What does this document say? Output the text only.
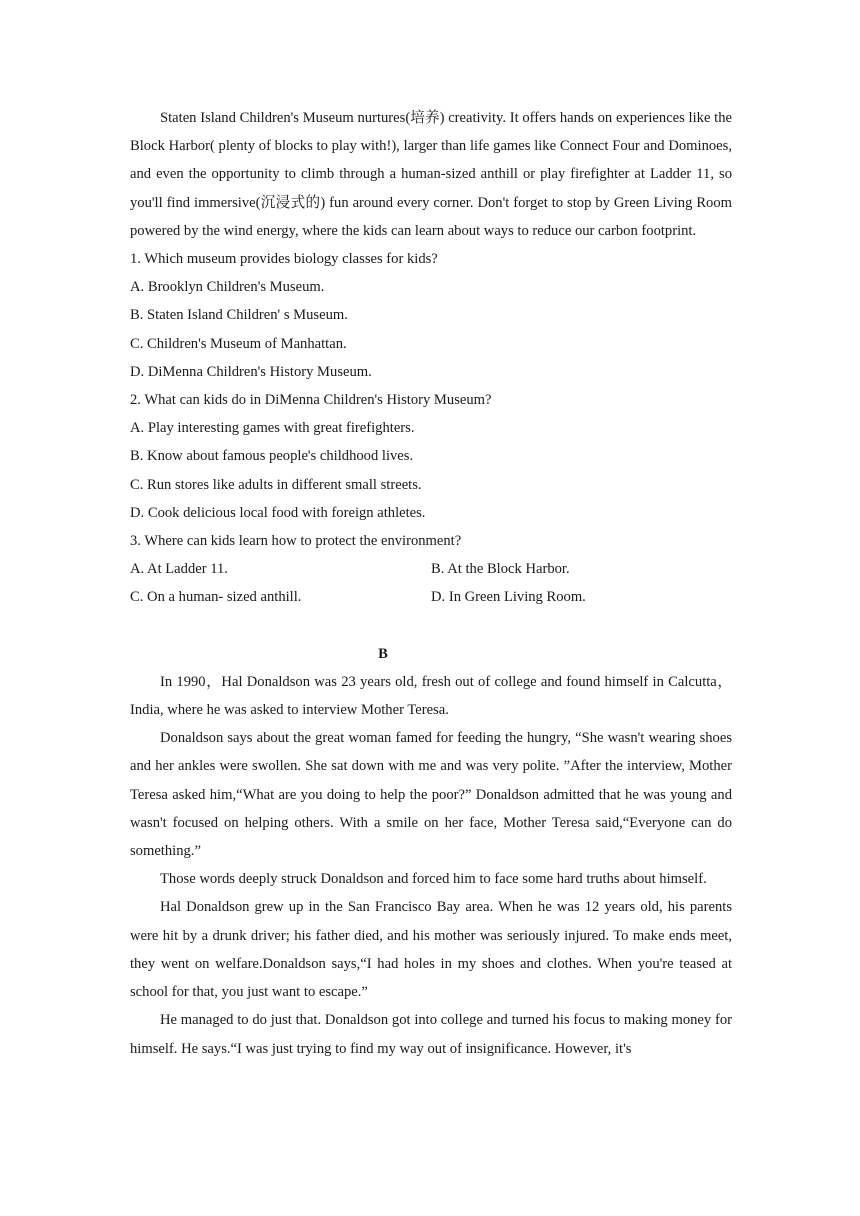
Staten Island Children's Museum nurtures(培养) creativity. It offers hands on experiences like the Block Harbor( plenty of blocks to play with!), larger than life games like Connect Four and Dominoes, and even the opportunity to climb through a human-sized anthill or play firefighter at Ladder 11, so you'll find immersive(沉浸式的) fun around every corner. Don't forget to stop by Green Living Room powered by the wind energy, where the kids can learn about ways to reduce our carbon footprint.

1. Which museum provides biology classes for kids?

A. Brooklyn Children's Museum.

B. Staten Island Children' s Museum.

C. Children's Museum of Manhattan.

D. DiMenna Children's History Museum.

2. What can kids do in DiMenna Children's History Museum?

A. Play interesting games with great firefighters.

B. Know about famous people's childhood lives.

C. Run stores like adults in different small streets.

D. Cook delicious local food with foreign athletes.

3. Where can kids learn how to protect the environment?

A. At Ladder 11.	B. At the Block Harbor.
C. On a human- sized anthill.	D. In Green Living Room.

B

In 1990，Hal Donaldson was 23 years old, fresh out of college and found himself in Calcutta，India, where he was asked to interview Mother Teresa.

Donaldson says about the great woman famed for feeding the hungry, “She wasn't wearing shoes and her ankles were swollen. She sat down with me and was very polite. ”After the interview, Mother Teresa asked him,“What are you doing to help the poor?” Donaldson admitted that he was young and wasn't focused on helping others. With a smile on her face, Mother Teresa said,“Everyone can do something.”

Those words deeply struck Donaldson and forced him to face some hard truths about himself.

Hal Donaldson grew up in the San Francisco Bay area. When he was 12 years old, his parents were hit by a drunk driver; his father died, and his mother was seriously injured. To make ends meet, they went on welfare.Donaldson says,“I had holes in my shoes and clothes. When you're teased at school for that, you just want to escape.”

He managed to do just that. Donaldson got into college and turned his focus to making money for himself. He says.“I was just trying to find my way out of insignificance. However, it's
